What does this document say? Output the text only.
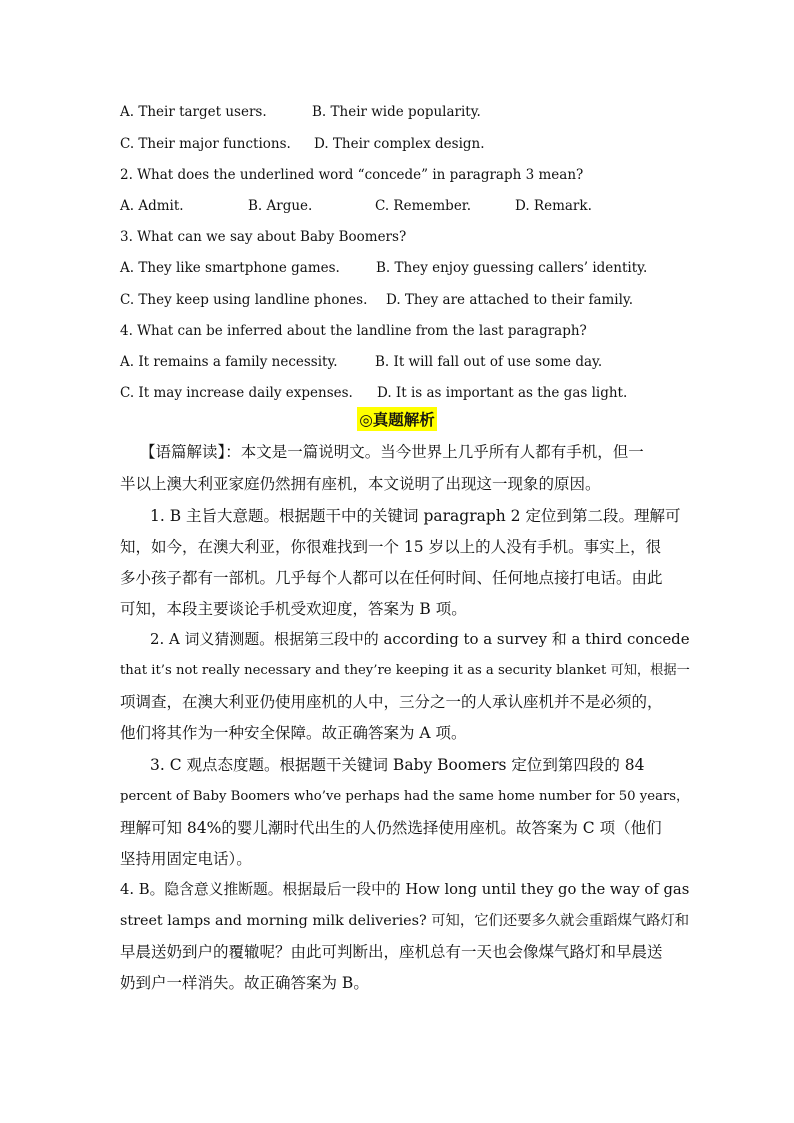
A. Their target users.	B. Their wide popularity.
C. Their major functions. D. Their complex design.
2. What does the underlined word “concede” in paragraph 3 mean?
A. Admit.	B. Argue.	C. Remember.	D. Remark.
3. What can we say about Baby Boomers?
A. They like smartphone games.	B. They enjoy guessing callers’ identity.
C. They keep using landline phones. D. They are attached to their family.
4. What can be inferred about the landline from the last paragraph?
A. It remains a family necessity.	B. It will fall out of use some day.
C. It may increase daily expenses. D. It is as important as the gas light.
◎真题解析
【语篇解读】：本文是一篇说明文。当今世界上几乎所有人都有手机，但一
半以上澳大利亚家庭仍然拥有座机，本文说明了出现这一现象的原因。
1. B 主旨大意题。根据题干中的关键词 paragraph 2 定位到第二段。理解可
知，如今，在澳大利亚，你很难找到一个 15 岁以上的人没有手机。事实上，很
多小孩子都有一部机。几乎每个人都可以在任何时间、任何地点接打电话。由此
可知，本段主要谈论手机受欢迎度，答案为 B 项。
2. A 词义猜测题。根据第三段中的 according to a survey 和 a third concede
that it’s not really necessary and they’re keeping it as a security blanket 可知，根据一
项调查，在澳大利亚仍使用座机的人中，三分之一的人承认座机并不是必须的，
他们将其作为一种安全保障。故正确答案为 A 项。
3. C 观点态度题。根据题干关键词 Baby Boomers 定位到第四段的 84
percent of Baby Boomers who’ve perhaps had the same home number for 50 years，
理解可知 84%的婴儿潮时代出生的人仍然选择使用座机。故答案为 C 项（他们
坚持用固定电话）。
4. B。隐含意义推断题。根据最后一段中的 How long until they go the way of gas
street lamps and morning milk deliveries? 可知，它们还要多久就会重蹈煤气路灯和
早晨送奶到户的覆辙呢？由此可判断出，座机总有一天也会像煤气路灯和早晨送
奶到户一样消失。故正确答案为 B。
